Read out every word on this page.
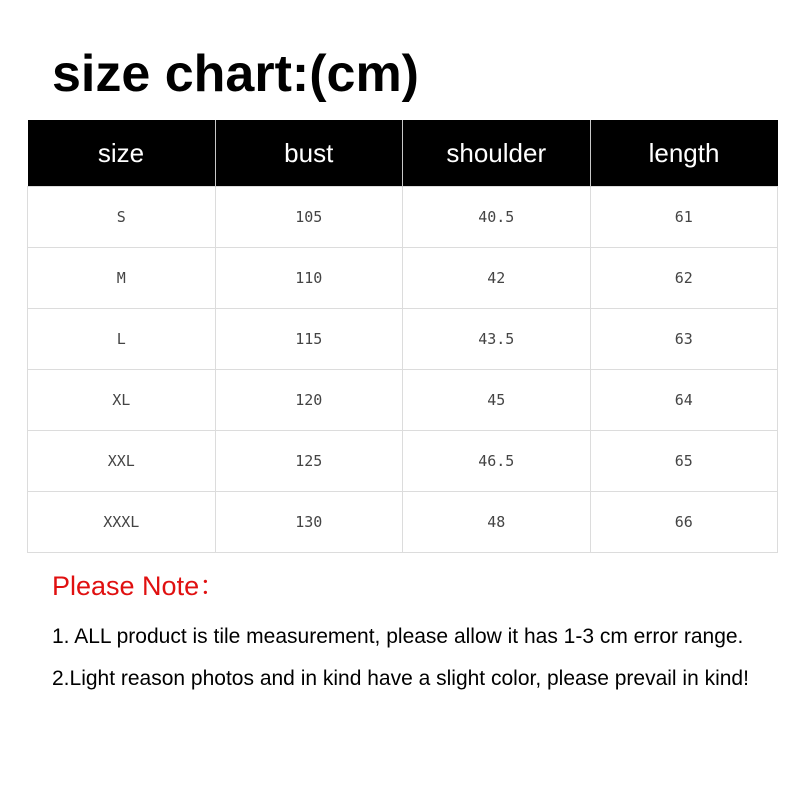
size chart:(cm)
size	bust	shoulder	length
S	105	40.5	61
M	110	42	62
L	115	43.5	63
XL	120	45	64
XXL	125	46.5	65
XXXL	130	48	66
Please Note：

1. ALL product is tile measurement, please allow it has 1-3 cm error range.

2.Light reason photos and in kind have a slight color, please prevail in kind!
